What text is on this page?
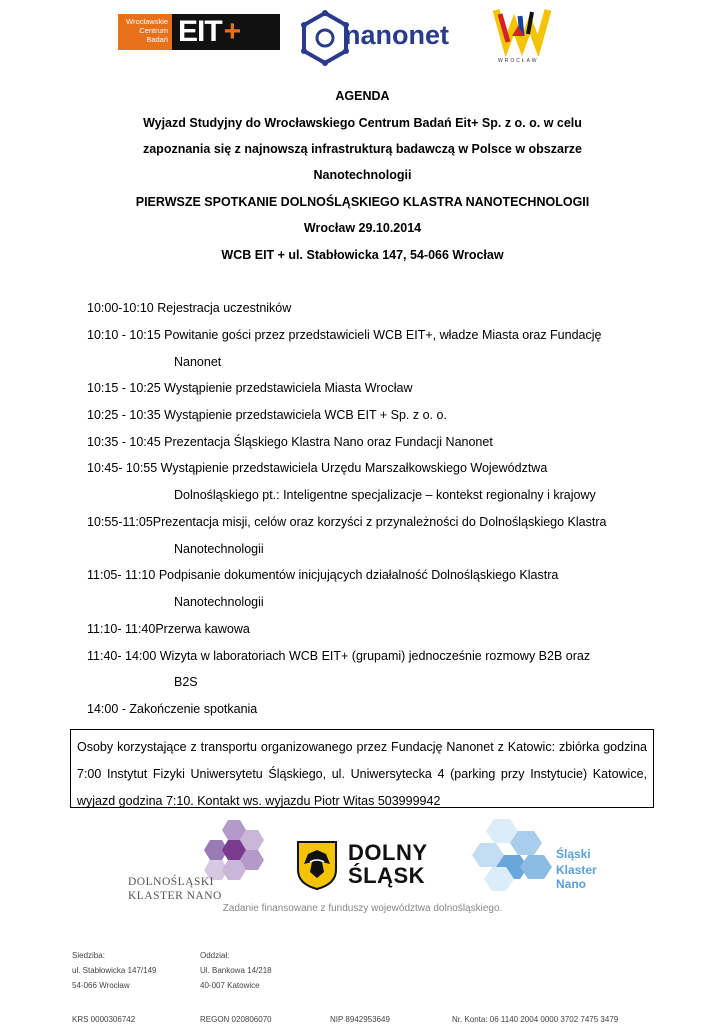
Wrocławskie
Centrum
Badań EIT +	nanonet
WROCŁAW
AGENDA
Wyjazd Studyjny do Wrocławskiego Centrum Badań Eit+ Sp. z o. o. w celu
zapoznania się z najnowszą infrastrukturą badawczą w Polsce w obszarze
Nanotechnologii
PIERWSZE SPOTKANIE DOLNOŚLĄSKIEGO KLASTRA NANOTECHNOLOGII
Wrocław 29.10.2014
WCB EIT + ul. Stabłowicka 147, 54-066 Wrocław
10:00-10:10 Rejestracja uczestników
10:10 - 10:15 Powitanie gości przez przedstawicieli WCB EIT+, władze Miasta oraz Fundację
Nanonet
10:15 - 10:25 Wystąpienie przedstawiciela Miasta Wrocław
10:25 - 10:35 Wystąpienie przedstawiciela WCB EIT + Sp. z o. o.
10:35 - 10:45 Prezentacja Śląskiego Klastra Nano oraz Fundacji Nanonet
10:45- 10:55 Wystąpienie przedstawiciela Urzędu Marszałkowskiego Województwa
Dolnośląskiego pt.: Inteligentne specjalizacje – kontekst regionalny i krajowy
10:55-11:05Prezentacja misji, celów oraz korzyści z przynależności do Dolnośląskiego Klastra
Nanotechnologii
11:05- 11:10 Podpisanie dokumentów inicjujących działalność Dolnośląskiego Klastra
Nanotechnologii
11:10- 11:40Przerwa kawowa
11:40- 14:00 Wizyta w laboratoriach WCB EIT+ (grupami) jednocześnie rozmowy B2B oraz
B2S
14:00 - Zakończenie spotkania
Osoby korzystające z transportu organizowanego przez Fundację Nanonet z Katowic: zbiórka godzina 7:00 Instytut Fizyki Uniwersytetu Śląskiego, ul. Uniwersytecka 4 (parking przy Instytucie) Katowice, wyjazd godzina 7:10. Kontakt ws. wyjazdu Piotr Witas 503999942
DOLNOŚLĄSKI
KLASTER NANO
DOLNY
ŚLĄSK
Śląski
Klaster Nano
Zadanie finansowane z funduszy województwa dolnośląskiego.
Siedziba:
ul. Stabłowicka 147/149
54-066 Wrocław
Oddział:
Ul. Bankowa 14/218
40-007 Katowice
KRS 0000306742	REGON 020806070	NIP 8942953649	Nr. Konta: 06 1140 2004 0000 3702 7475 3479
